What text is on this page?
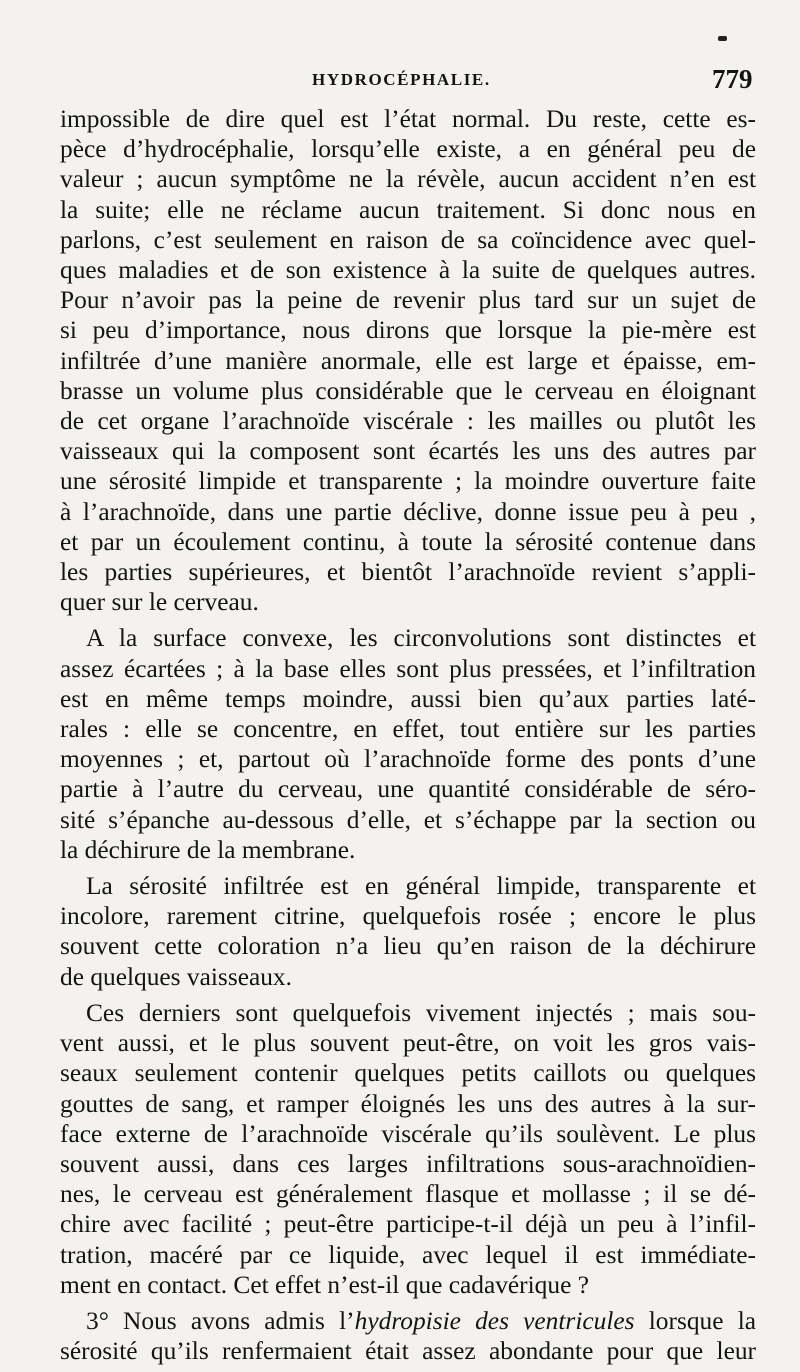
HYDROCÉPHALIE.	779
impossible de dire quel est l’état normal. Du reste, cette es-
pèce d’hydrocéphalie, lorsqu’elle existe, a en général peu de
valeur ; aucun symptôme ne la révèle, aucun accident n’en est
la suite; elle ne réclame aucun traitement. Si donc nous en
parlons, c’est seulement en raison de sa coïncidence avec quel-
ques maladies et de son existence à la suite de quelques autres.
Pour n’avoir pas la peine de revenir plus tard sur un sujet de
si peu d’importance, nous dirons que lorsque la pie-mère est
infiltrée d’une manière anormale, elle est large et épaisse, em-
brasse un volume plus considérable que le cerveau en éloignant
de cet organe l’arachnoïde viscérale : les mailles ou plutôt les
vaisseaux qui la composent sont écartés les uns des autres par
une sérosité limpide et transparente ; la moindre ouverture faite
à l’arachnoïde, dans une partie déclive, donne issue peu à peu ,
et par un écoulement continu, à toute la sérosité contenue dans
les parties supérieures, et bientôt l’arachnoïde revient s’appli-
quer sur le cerveau.
A la surface convexe, les circonvolutions sont distinctes et
assez écartées ; à la base elles sont plus pressées, et l’infiltration
est en même temps moindre, aussi bien qu’aux parties laté-
rales : elle se concentre, en effet, tout entière sur les parties
moyennes ; et, partout où l’arachnoïde forme des ponts d’une
partie à l’autre du cerveau, une quantité considérable de séro-
sité s’épanche au-dessous d’elle, et s’échappe par la section ou
la déchirure de la membrane.
La sérosité infiltrée est en général limpide, transparente et
incolore, rarement citrine, quelquefois rosée ; encore le plus
souvent cette coloration n’a lieu qu’en raison de la déchirure
de quelques vaisseaux.
Ces derniers sont quelquefois vivement injectés ; mais sou-
vent aussi, et le plus souvent peut-être, on voit les gros vais-
seaux seulement contenir quelques petits caillots ou quelques
gouttes de sang, et ramper éloignés les uns des autres à la sur-
face externe de l’arachnoïde viscérale qu’ils soulèvent. Le plus
souvent aussi, dans ces larges infiltrations sous-arachnoïdien-
nes, le cerveau est généralement flasque et mollasse ; il se dé-
chire avec facilité ; peut-être participe-t-il déjà un peu à l’infil-
tration, macéré par ce liquide, avec lequel il est immédiate-
ment en contact. Cet effet n’est-il que cadavérique ?
3° Nous avons admis l’hydropisie des ventricules lorsque la
sérosité qu’ils renfermaient était assez abondante pour que leur
